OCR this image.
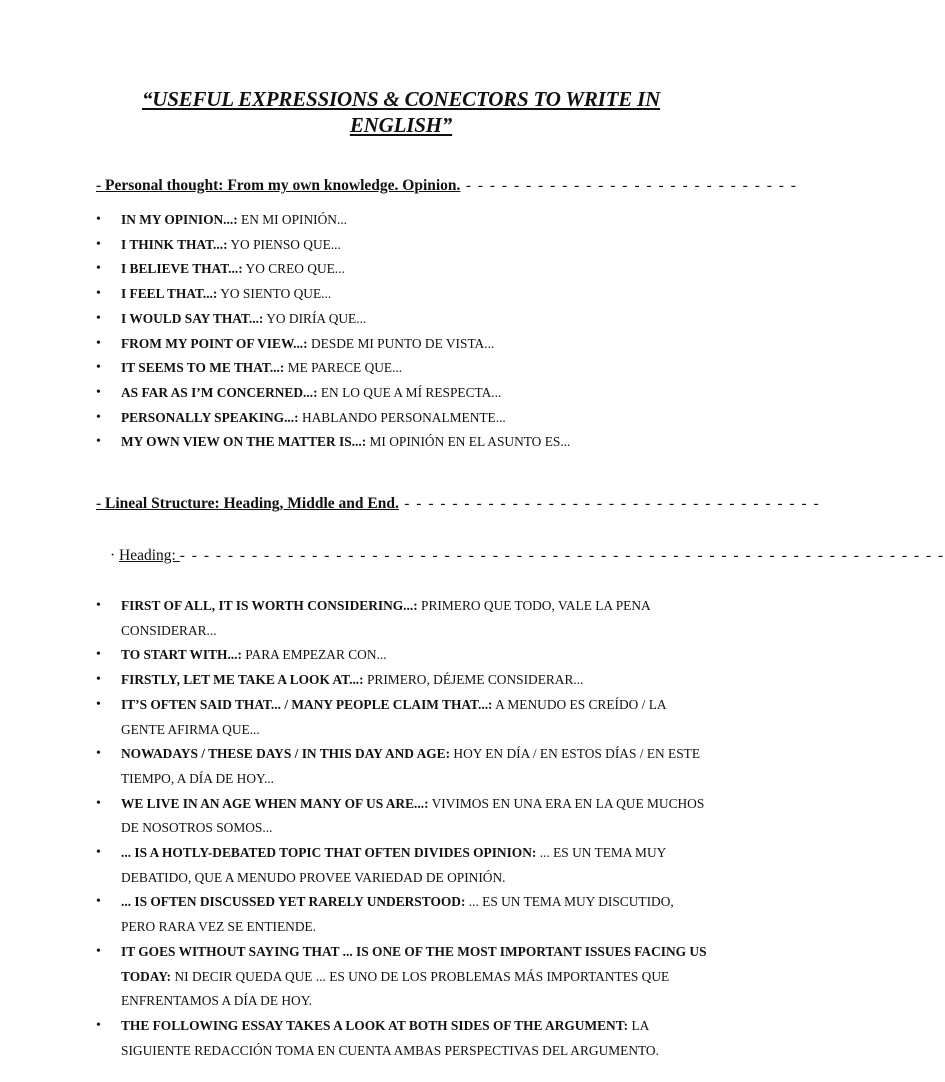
“USEFUL EXPRESSIONS & CONECTORS TO WRITE IN ENGLISH”
- Personal thought: From my own knowledge. Opinion. - - - - - - - - - - - - - - - - - - - - - - - - - - - -
• IN MY OPINION...: EN MI OPINIÓN...
• I THINK THAT...: YO PIENSO QUE...
• I BELIEVE THAT...: YO CREO QUE...
• I FEEL THAT...: YO SIENTO QUE...
• I WOULD SAY THAT...: YO DIRÍA QUE...
• FROM MY POINT OF VIEW...: DESDE MI PUNTO DE VISTA...
• IT SEEMS TO ME THAT...: ME PARECE QUE...
• AS FAR AS I’M CONCERNED...: EN LO QUE A MÍ RESPECTA...
• PERSONALLY SPEAKING...: HABLANDO PERSONALMENTE...
• MY OWN VIEW ON THE MATTER IS...: MI OPINIÓN EN EL ASUNTO ES...
- Lineal Structure: Heading, Middle and End. - - - - - - - - - - - - - - - - - - - - - - - - - - - - - - - - - - -
· Heading: - - - - - - - - - - - - - - - - - - - - - - - - - - - - - - - - - - - - - - - - - - - - - - - - - - - - - - - - - - - - - - - -
• FIRST OF ALL, IT IS WORTH CONSIDERING...: PRIMERO QUE TODO, VALE LA PENA CONSIDERAR...
• TO START WITH...: PARA EMPEZAR CON...
• FIRSTLY, LET ME TAKE A LOOK AT...: PRIMERO, DÉJEME CONSIDERAR...
• IT’S OFTEN SAID THAT... / MANY PEOPLE CLAIM THAT...: A MENUDO ES CREÍDO / LA GENTE AFIRMA QUE...
• NOWADAYS / THESE DAYS / IN THIS DAY AND AGE: HOY EN DÍA / EN ESTOS DÍAS / EN ESTE TIEMPO, A DÍA DE HOY...
• WE LIVE IN AN AGE WHEN MANY OF US ARE...: VIVIMOS EN UNA ERA EN LA QUE MUCHOS DE NOSOTROS SOMOS...
• ... IS A HOTLY-DEBATED TOPIC THAT OFTEN DIVIDES OPINION: ... ES UN TEMA MUY DEBATIDO, QUE A MENUDO PROVEE VARIEDAD DE OPINIÓN.
• ... IS OFTEN DISCUSSED YET RARELY UNDERSTOOD: ... ES UN TEMA MUY DISCUTIDO, PERO RARA VEZ SE ENTIENDE.
• IT GOES WITHOUT SAYING THAT ... IS ONE OF THE MOST IMPORTANT ISSUES FACING US TODAY: NI DECIR QUEDA QUE ... ES UNO DE LOS PROBLEMAS MÁS IMPORTANTES QUE ENFRENTAMOS A DÍA DE HOY.
• THE FOLLOWING ESSAY TAKES A LOOK AT BOTH SIDES OF THE ARGUMENT: LA SIGUIENTE REDACCIÓN TOMA EN CUENTA AMBAS PERSPECTIVAS DEL ARGUMENTO.
